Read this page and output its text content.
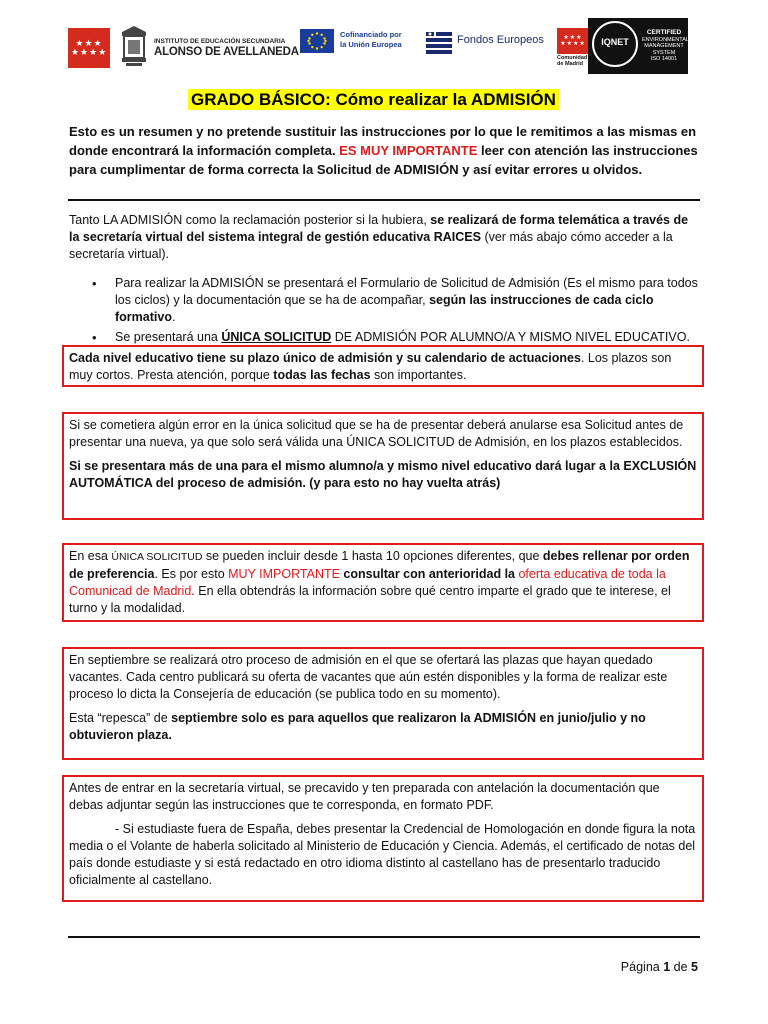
★★★
★★★★
INSTITUTO DE EDUCACIÓN SECUNDARIA
ALONSO DE AVELLANEDA
Cofinanciado por
la Unión Europea	Fondos Europeos	★★★
★★★★
Comunidad
de Madrid
IQNET
CERTIFIED
ENVIRONMENTAL
MANAGEMENT
SYSTEM
ISO 14001
GRADO BÁSICO: Cómo realizar la ADMISIÓN
Esto es un resumen y no pretende sustituir las instrucciones por lo que le remitimos a las mismas en donde encontrará la información completa. ES MUY IMPORTANTE leer con atención las instrucciones para cumplimentar de forma correcta la Solicitud de ADMISIÓN y así evitar errores u olvidos.
Tanto LA ADMISIÓN como la reclamación posterior si la hubiera, se realizará de forma telemática a través de la secretaría virtual del sistema integral de gestión educativa RAICES (ver más abajo cómo acceder a la secretaría virtual).
• Para realizar la ADMISIÓN se presentará el Formulario de Solicitud de Admisión (Es el mismo para todos los ciclos) y la documentación que se ha de acompañar, según las instrucciones de cada ciclo formativo.
• Se presentará una ÚNICA SOLICITUD DE ADMISIÓN POR ALUMNO/A Y MISMO NIVEL EDUCATIVO.

Cada nivel educativo tiene su plazo único de admisión y su calendario de actuaciones. Los plazos son muy cortos. Presta atención, porque todas las fechas son importantes.

Si se cometiera algún error en la única solicitud que se ha de presentar deberá anularse esa Solicitud antes de presentar una nueva, ya que solo será válida una ÚNICA SOLICITUD de Admisión, en los plazos establecidos.

Si se presentara más de una para el mismo alumno/a y mismo nivel educativo dará lugar a la EXCLUSIÓN AUTOMÁTICA del proceso de admisión. (y para esto no hay vuelta atrás)

En esa ÚNICA SOLICITUD se pueden incluir desde 1 hasta 10 opciones diferentes, que debes rellenar por orden de preferencia. Es por esto MUY IMPORTANTE consultar con anterioridad la oferta educativa de toda la Comunicad de Madrid. En ella obtendrás la información sobre qué centro imparte el grado que te interese, el turno y la modalidad.

En septiembre se realizará otro proceso de admisión en el que se ofertará las plazas que hayan quedado vacantes. Cada centro publicará su oferta de vacantes que aún estén disponibles y la forma de realizar este proceso lo dicta la Consejería de educación (se publica todo en su momento).

Esta “repesca” de septiembre solo es para aquellos que realizaron la ADMISIÓN en junio/julio y no obtuvieron plaza.

Antes de entrar en la secretaría virtual, se precavido y ten preparada con antelación la documentación que debas adjuntar según las instrucciones que te corresponda, en formato PDF.

- Si estudiaste fuera de España, debes presentar la Credencial de Homologación en donde figura la nota media o el Volante de haberla solicitado al Ministerio de Educación y Ciencia. Además, el certificado de notas del país donde estudiaste y si está redactado en otro idioma distinto al castellano has de presentarlo traducido oficialmente al castellano.

Página 1 de 5
